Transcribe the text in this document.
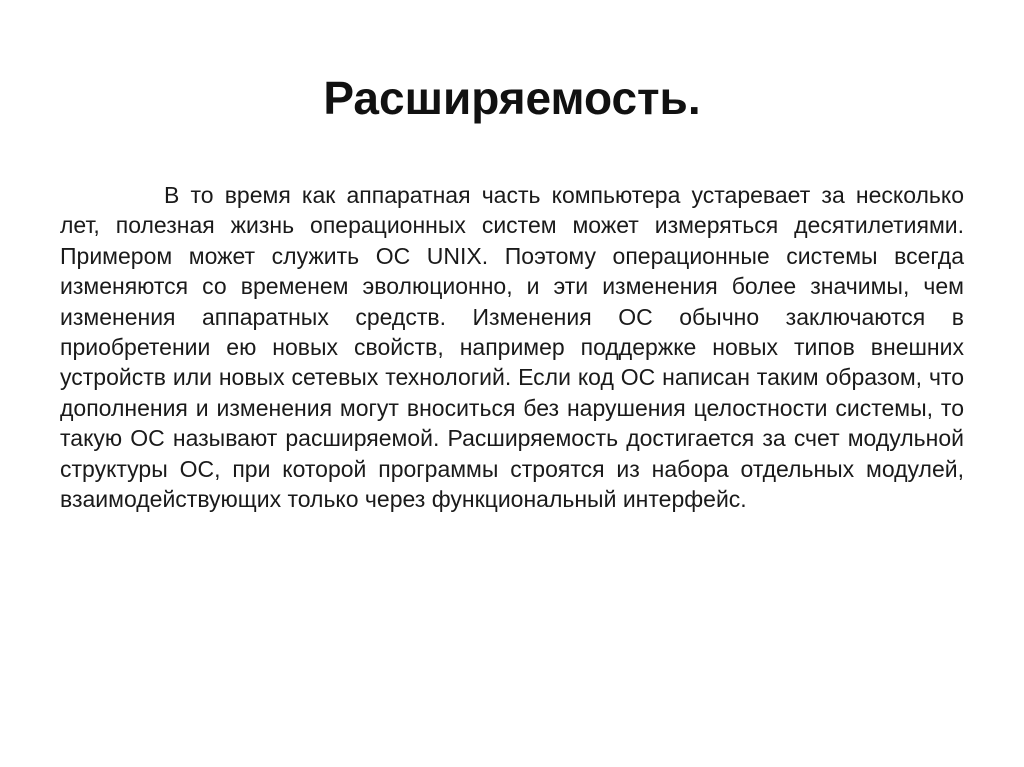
Расширяемость.

В то время как аппаратная часть компьютера устаревает за несколько лет, полезная жизнь операционных систем может измеряться десятилетиями. Примером может служить ОС UNIX. Поэтому операционные системы всегда изменяются со временем эволюционно, и эти изменения более значимы, чем изменения аппаратных средств. Изменения ОС обычно заключаются в приобретении ею новых свойств, например поддержке новых типов внешних устройств или новых сетевых технологий. Если код ОС написан таким образом, что дополнения и изменения могут вноситься без нарушения целостности системы, то такую ОС называют расширяемой. Расширяемость достигается за счет модульной структуры ОС, при которой программы строятся из набора отдельных модулей, взаимодействующих только через функциональный интерфейс.
